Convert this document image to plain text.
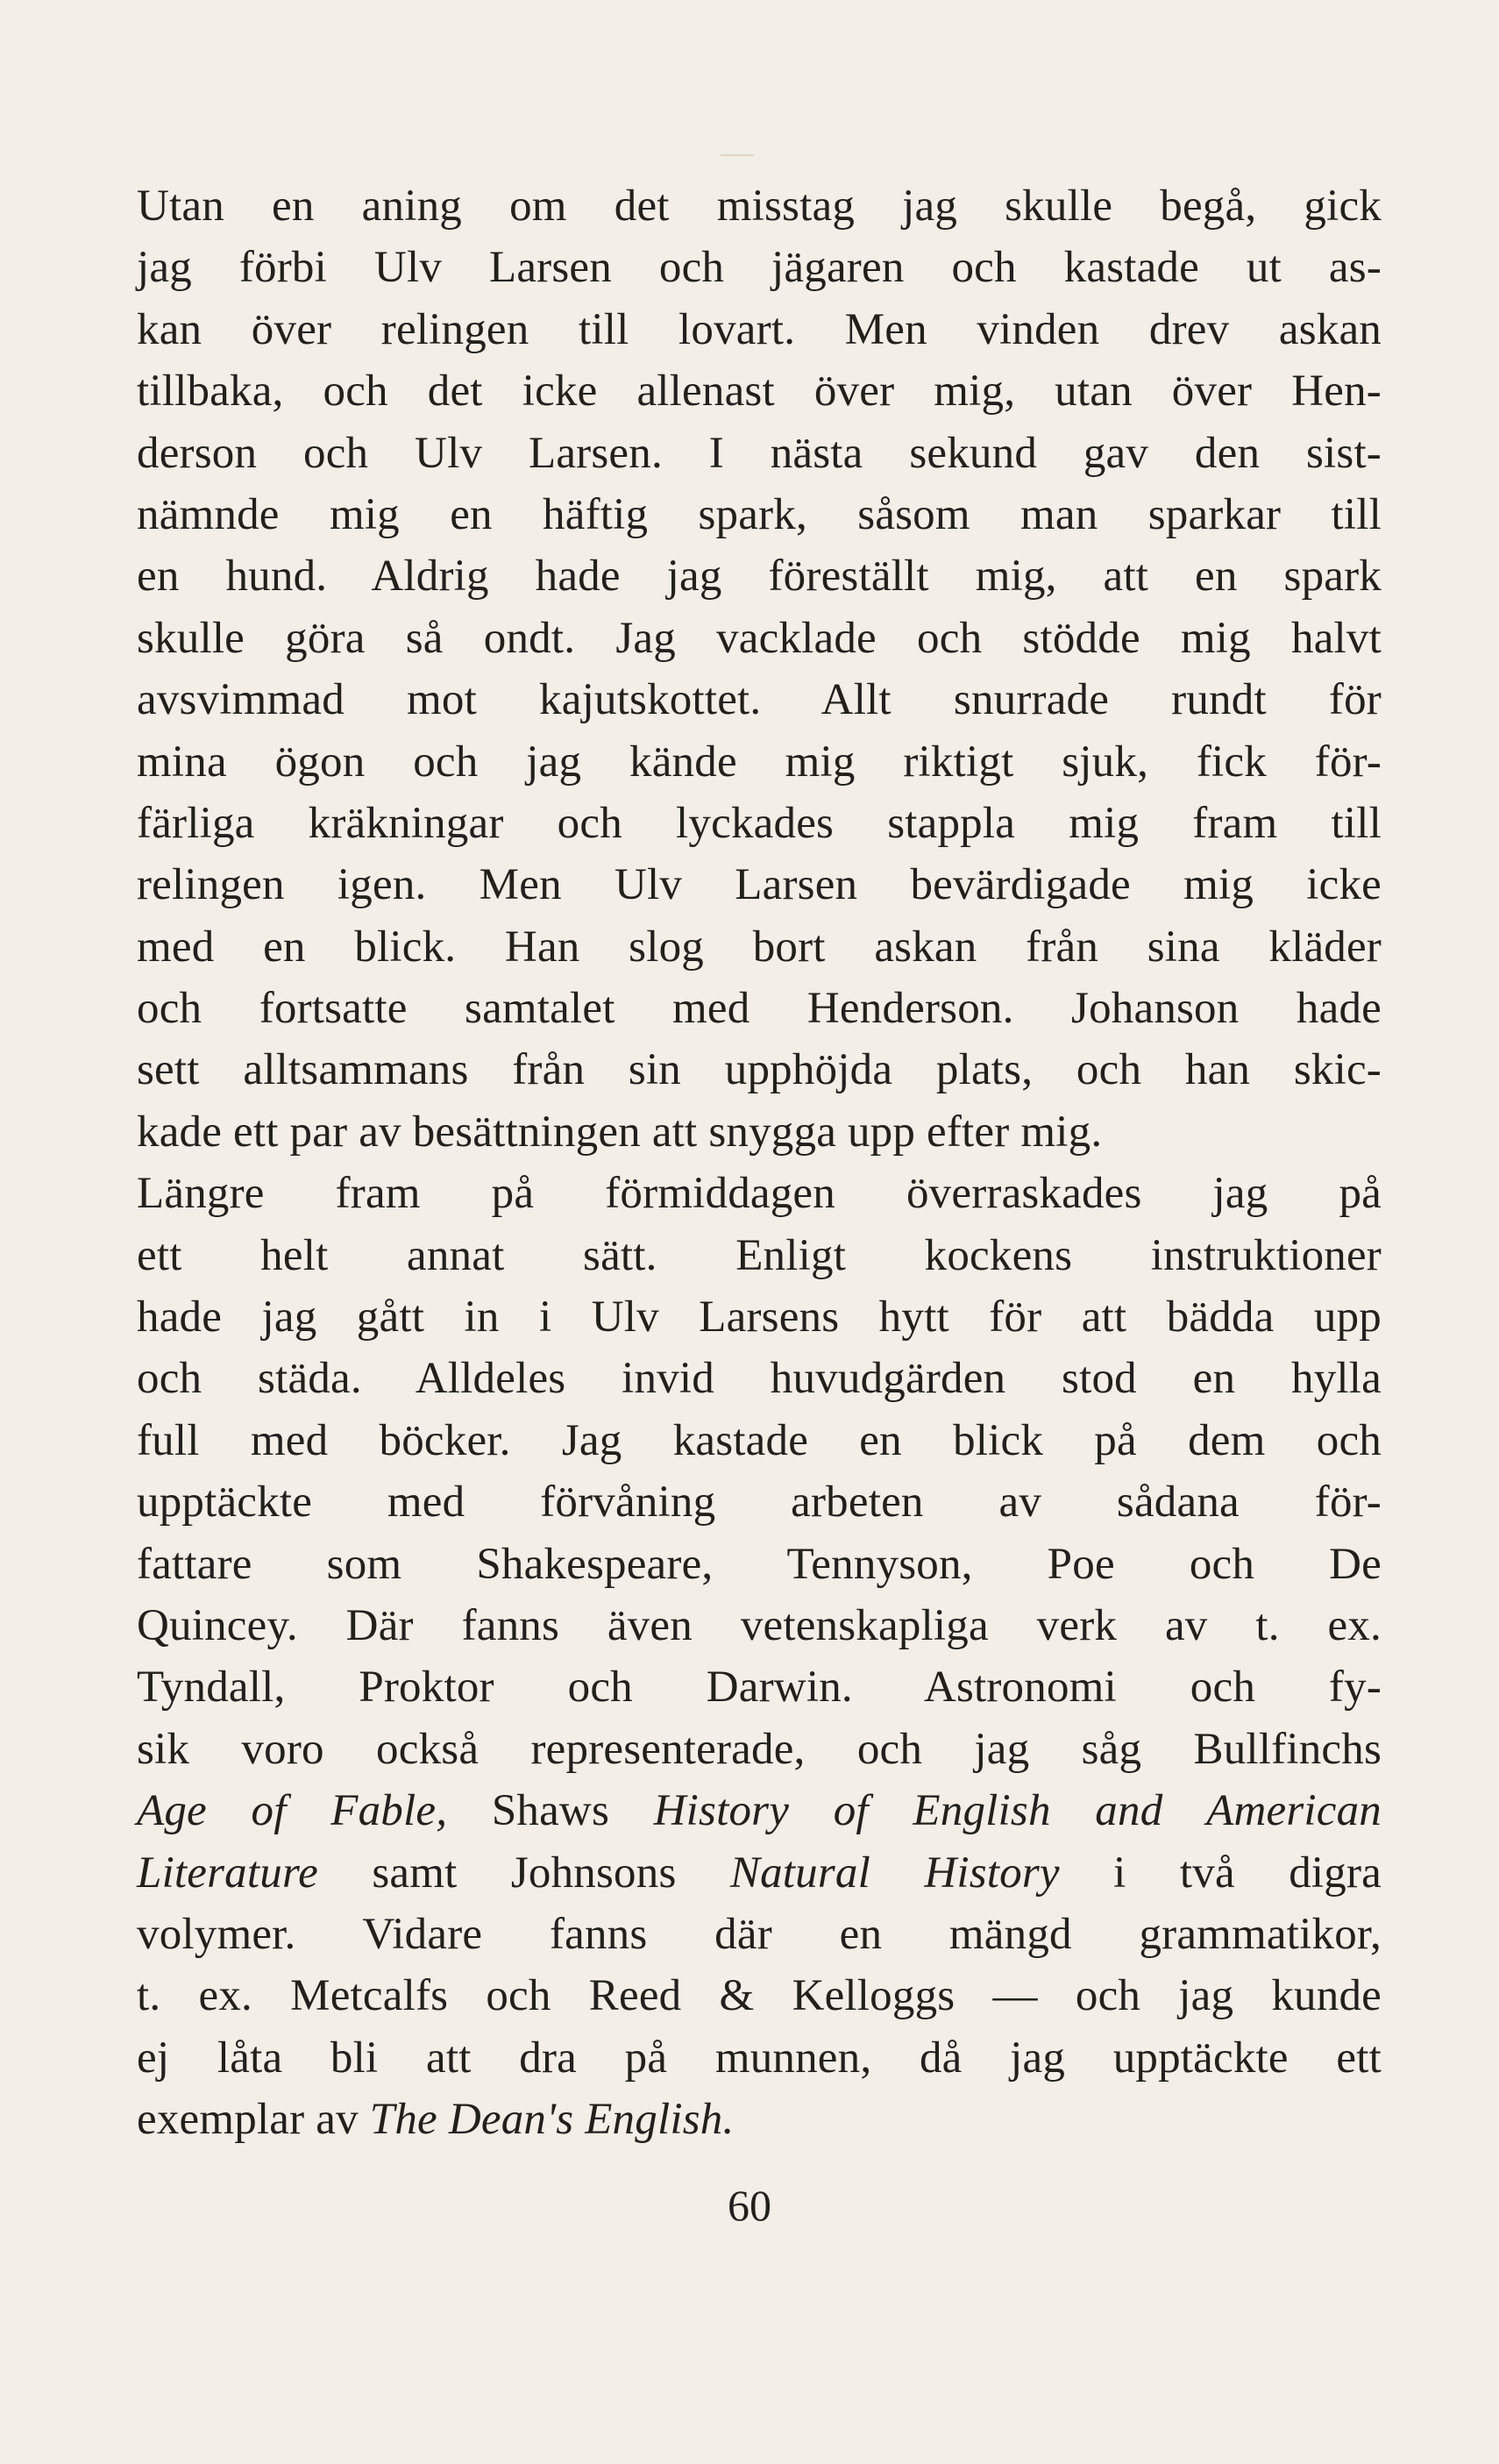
Utan en aning om det misstag jag skulle begå, gick
jag förbi Ulv Larsen och jägaren och kastade ut as-
kan över relingen till lovart. Men vinden drev askan
tillbaka, och det icke allenast över mig, utan över Hen-
derson och Ulv Larsen. I nästa sekund gav den sist-
nämnde mig en häftig spark, såsom man sparkar till
en hund. Aldrig hade jag föreställt mig, att en spark
skulle göra så ondt. Jag vacklade och stödde mig halvt
avsvimmad mot kajutskottet. Allt snurrade rundt för
mina ögon och jag kände mig riktigt sjuk, fick för-
färliga kräkningar och lyckades stappla mig fram till
relingen igen. Men Ulv Larsen bevärdigade mig icke
med en blick. Han slog bort askan från sina kläder
och fortsatte samtalet med Henderson. Johanson hade
sett alltsammans från sin upphöjda plats, och han skic-
kade ett par av besättningen att snygga upp efter mig.
Längre fram på förmiddagen överraskades jag på
ett helt annat sätt. Enligt kockens instruktioner
hade jag gått in i Ulv Larsens hytt för att bädda upp
och städa. Alldeles invid huvudgärden stod en hylla
full med böcker. Jag kastade en blick på dem och
upptäckte med förvåning arbeten av sådana för-
fattare som Shakespeare, Tennyson, Poe och De
Quincey. Där fanns även vetenskapliga verk av t. ex.
Tyndall, Proktor och Darwin. Astronomi och fy-
sik voro också representerade, och jag såg Bullfinchs
Age of Fable, Shaws History of English and American
Literature samt Johnsons Natural History i två digra
volymer. Vidare fanns där en mängd grammatikor,
t. ex. Metcalfs och Reed & Kelloggs — och jag kunde
ej låta bli att dra på munnen, då jag upptäckte ett
exemplar av The Dean's English.
60
